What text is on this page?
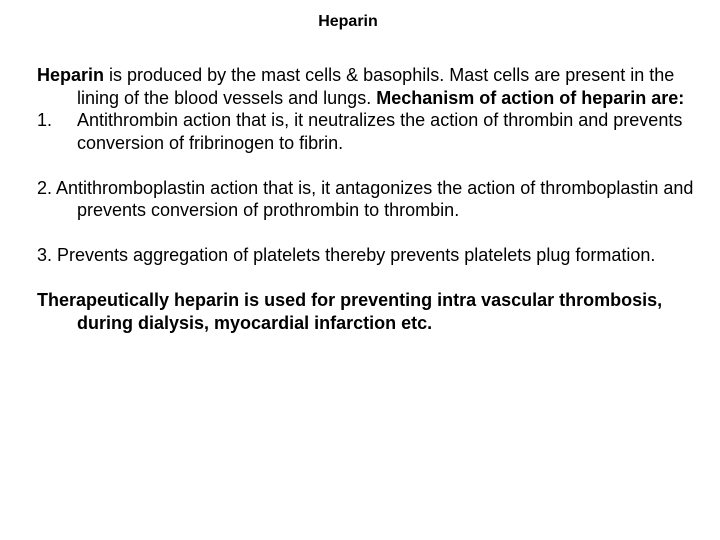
Heparin

Heparin is produced by the mast cells & basophils. Mast cells are present in the lining of the blood vessels and lungs. Mechanism of action of heparin are:

1.	Antithrombin action that is, it neutralizes the action of thrombin and prevents conversion of fribrinogen to fibrin.

2. Antithromboplastin action that is, it antagonizes the action of thromboplastin and prevents conversion of prothrombin to thrombin.

3. Prevents aggregation of platelets thereby prevents platelets plug formation.

Therapeutically heparin is used for preventing intra vascular thrombosis, during dialysis, myocardial infarction etc.
